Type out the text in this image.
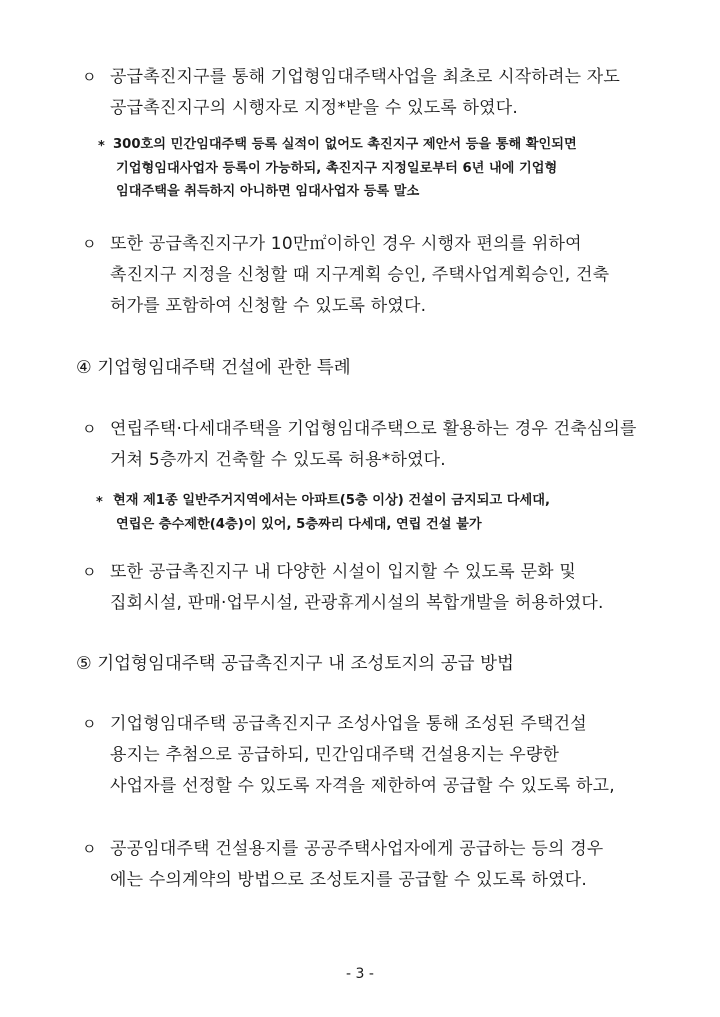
ㅇ 공급촉진지구를 통해 기업형임대주택사업을 최초로 시작하려는 자도
공급촉진지구의 시행자로 지정*받을 수 있도록 하였다.
* 300호의 민간임대주택 등록 실적이 없어도 촉진지구 제안서 등을 통해 확인되면
기업형임대사업자 등록이 가능하되, 촉진지구 지정일로부터 6년 내에 기업형
임대주택을 취득하지 아니하면 임대사업자 등록 말소
ㅇ 또한 공급촉진지구가 10만㎡이하인 경우 시행자 편의를 위하여
촉진지구 지정을 신청할 때 지구계획 승인, 주택사업계획승인, 건축
허가를 포함하여 신청할 수 있도록 하였다.
④ 기업형임대주택 건설에 관한 특례
ㅇ 연립주택·다세대주택을 기업형임대주택으로 활용하는 경우 건축심의를
거쳐 5층까지 건축할 수 있도록 허용*하였다.
* 현재 제1종 일반주거지역에서는 아파트(5층 이상) 건설이 금지되고 다세대,
연립은 층수제한(4층)이 있어, 5층짜리 다세대, 연립 건설 불가
ㅇ 또한 공급촉진지구 내 다양한 시설이 입지할 수 있도록 문화 및
집회시설, 판매·업무시설, 관광휴게시설의 복합개발을 허용하였다.
⑤ 기업형임대주택 공급촉진지구 내 조성토지의 공급 방법
ㅇ 기업형임대주택 공급촉진지구 조성사업을 통해 조성된 주택건설
용지는 추첨으로 공급하되, 민간임대주택 건설용지는 우량한
사업자를 선정할 수 있도록 자격을 제한하여 공급할 수 있도록 하고,
ㅇ 공공임대주택 건설용지를 공공주택사업자에게 공급하는 등의 경우
에는 수의계약의 방법으로 조성토지를 공급할 수 있도록 하였다.
- 3 -
